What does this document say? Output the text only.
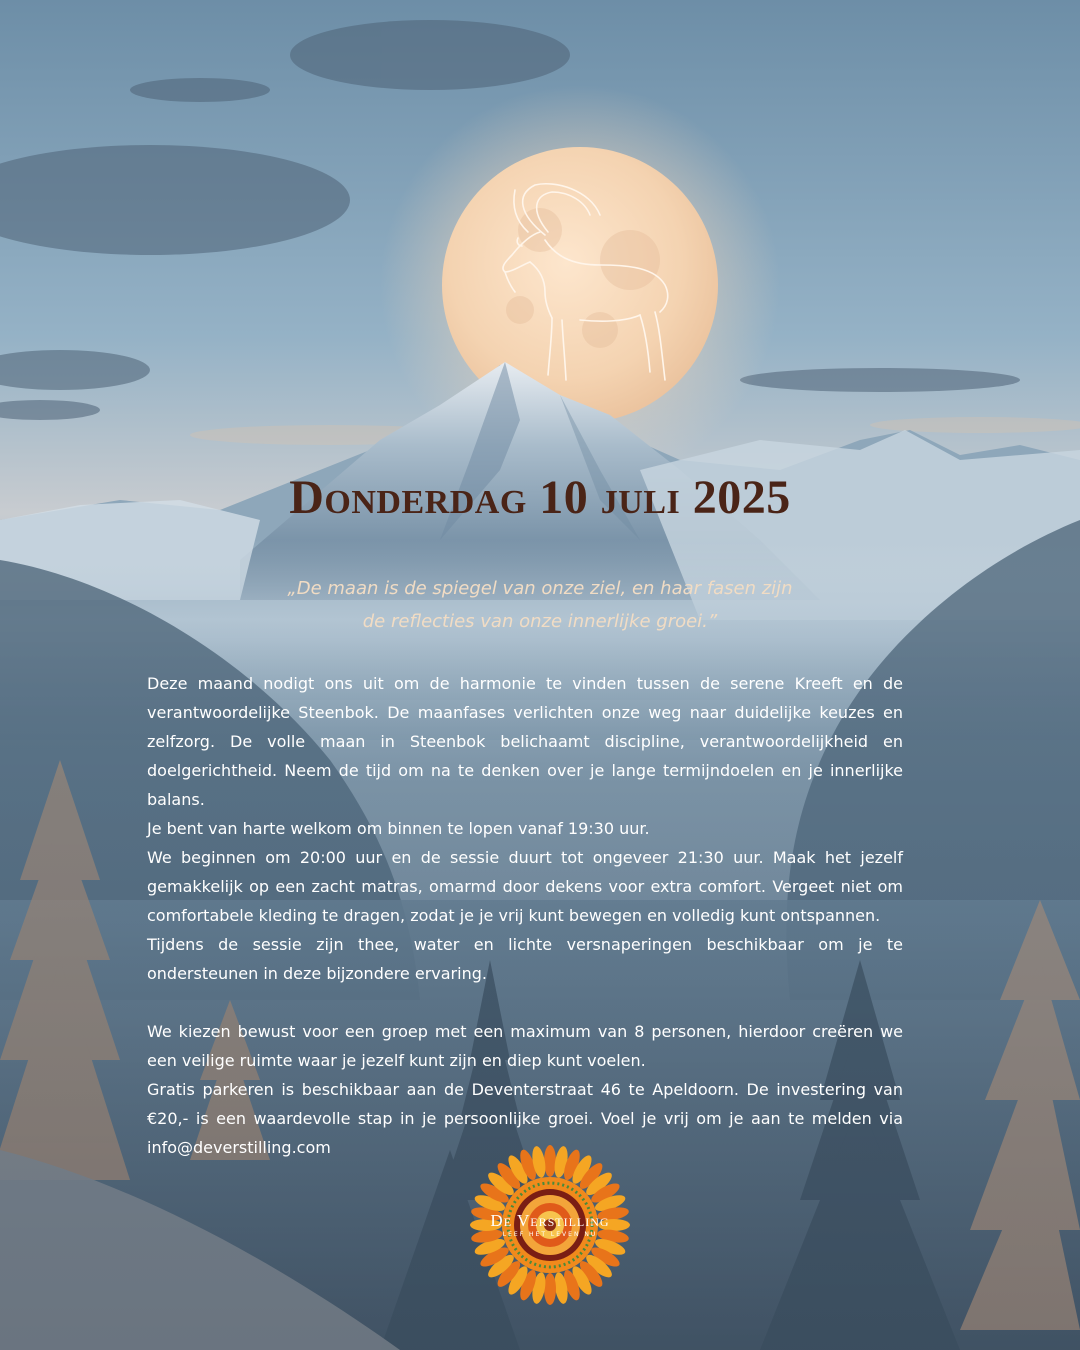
Donderdag 10 juli 2025

„De maan is de spiegel van onze ziel, en haar fasen zijn
de reflecties van onze innerlijke groei.”

Deze maand nodigt ons uit om de harmonie te vinden tussen de serene Kreeft en de verantwoordelijke Steenbok. De maanfases verlichten onze weg naar duidelijke keuzes en zelfzorg. De volle maan in Steenbok belichaamt discipline, verantwoordelijkheid en doelgerichtheid. Neem de tijd om na te denken over je lange termijndoelen en je innerlijke balans.

Je bent van harte welkom om binnen te lopen vanaf 19:30 uur.

We beginnen om 20:00 uur en de sessie duurt tot ongeveer 21:30 uur. Maak het jezelf gemakkelijk op een zacht matras, omarmd door dekens voor extra comfort. Vergeet niet om comfortabele kleding te dragen, zodat je je vrij kunt bewegen en volledig kunt ontspannen.

Tijdens de sessie zijn thee, water en lichte versnaperingen beschikbaar om je te ondersteunen in deze bijzondere ervaring.

We kiezen bewust voor een groep met een maximum van 8 personen, hierdoor creëren we een veilige ruimte waar je jezelf kunt zijn en diep kunt voelen.

Gratis parkeren is beschikbaar aan de Deventerstraat 46 te Apeldoorn. De investering van €20,- is een waardevolle stap in je persoonlijke groei. Voel je vrij om je aan te melden via info@deverstilling.com

De Verstilling
LEEF HET LEVEN NU
